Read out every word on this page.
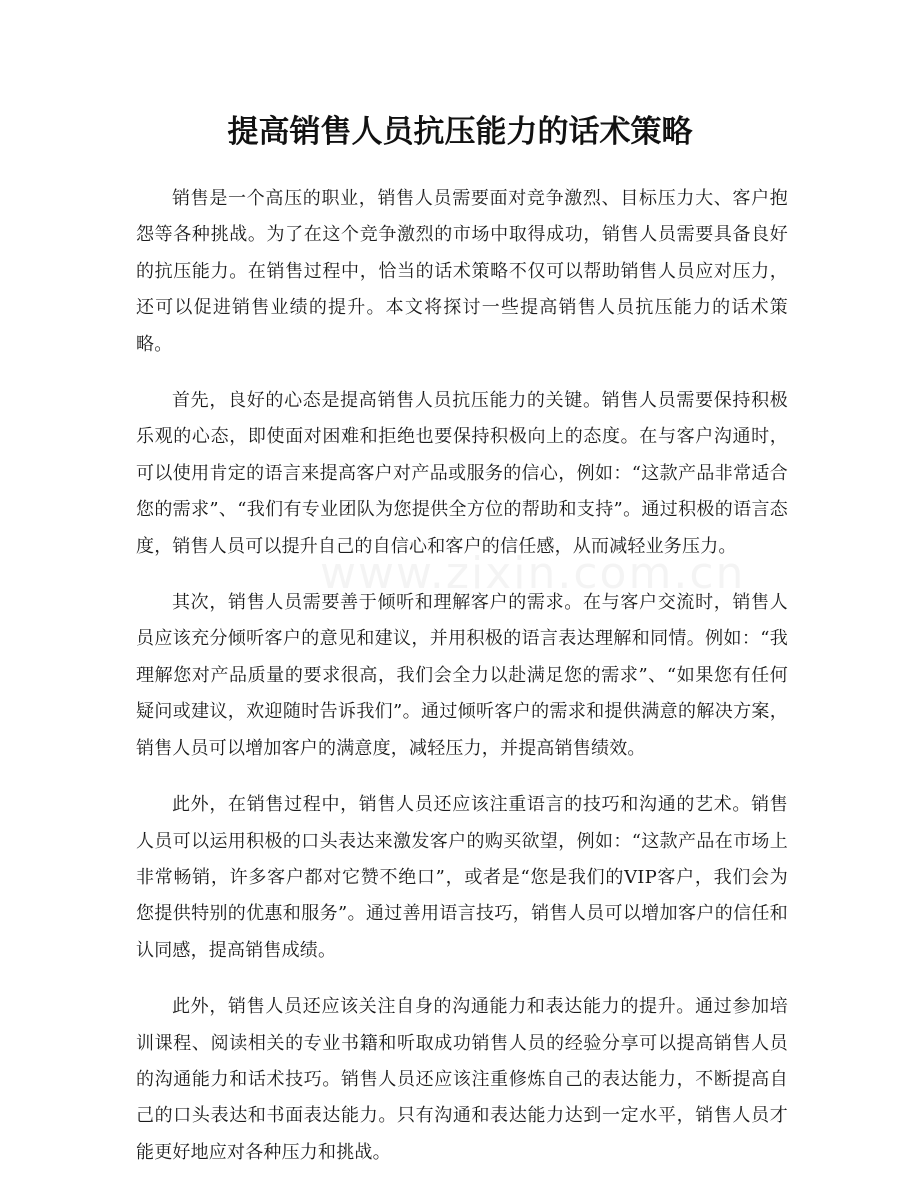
提高销售人员抗压能力的话术策略

销售是一个高压的职业，销售人员需要面对竞争激烈、目标压力大、客户抱怨等各种挑战。为了在这个竞争激烈的市场中取得成功，销售人员需要具备良好的抗压能力。在销售过程中，恰当的话术策略不仅可以帮助销售人员应对压力，还可以促进销售业绩的提升。本文将探讨一些提高销售人员抗压能力的话术策略。

首先，良好的心态是提高销售人员抗压能力的关键。销售人员需要保持积极乐观的心态，即使面对困难和拒绝也要保持积极向上的态度。在与客户沟通时，可以使用肯定的语言来提高客户对产品或服务的信心，例如：“这款产品非常适合您的需求”、“我们有专业团队为您提供全方位的帮助和支持”。通过积极的语言态度，销售人员可以提升自己的自信心和客户的信任感，从而减轻业务压力。

其次，销售人员需要善于倾听和理解客户的需求。在与客户交流时，销售人员应该充分倾听客户的意见和建议，并用积极的语言表达理解和同情。例如：“我理解您对产品质量的要求很高，我们会全力以赴满足您的需求”、“如果您有任何疑问或建议，欢迎随时告诉我们”。通过倾听客户的需求和提供满意的解决方案，销售人员可以增加客户的满意度，减轻压力，并提高销售绩效。

此外，在销售过程中，销售人员还应该注重语言的技巧和沟通的艺术。销售人员可以运用积极的口头表达来激发客户的购买欲望，例如：“这款产品在市场上非常畅销，许多客户都对它赞不绝口”，或者是“您是我们的VIP客户，我们会为您提供特别的优惠和服务”。通过善用语言技巧，销售人员可以增加客户的信任和认同感，提高销售成绩。

此外，销售人员还应该关注自身的沟通能力和表达能力的提升。通过参加培训课程、阅读相关的专业书籍和听取成功销售人员的经验分享可以提高销售人员的沟通能力和话术技巧。销售人员还应该注重修炼自己的表达能力，不断提高自己的口头表达和书面表达能力。只有沟通和表达能力达到一定水平，销售人员才能更好地应对各种压力和挑战。

www.zixin.com.cn
